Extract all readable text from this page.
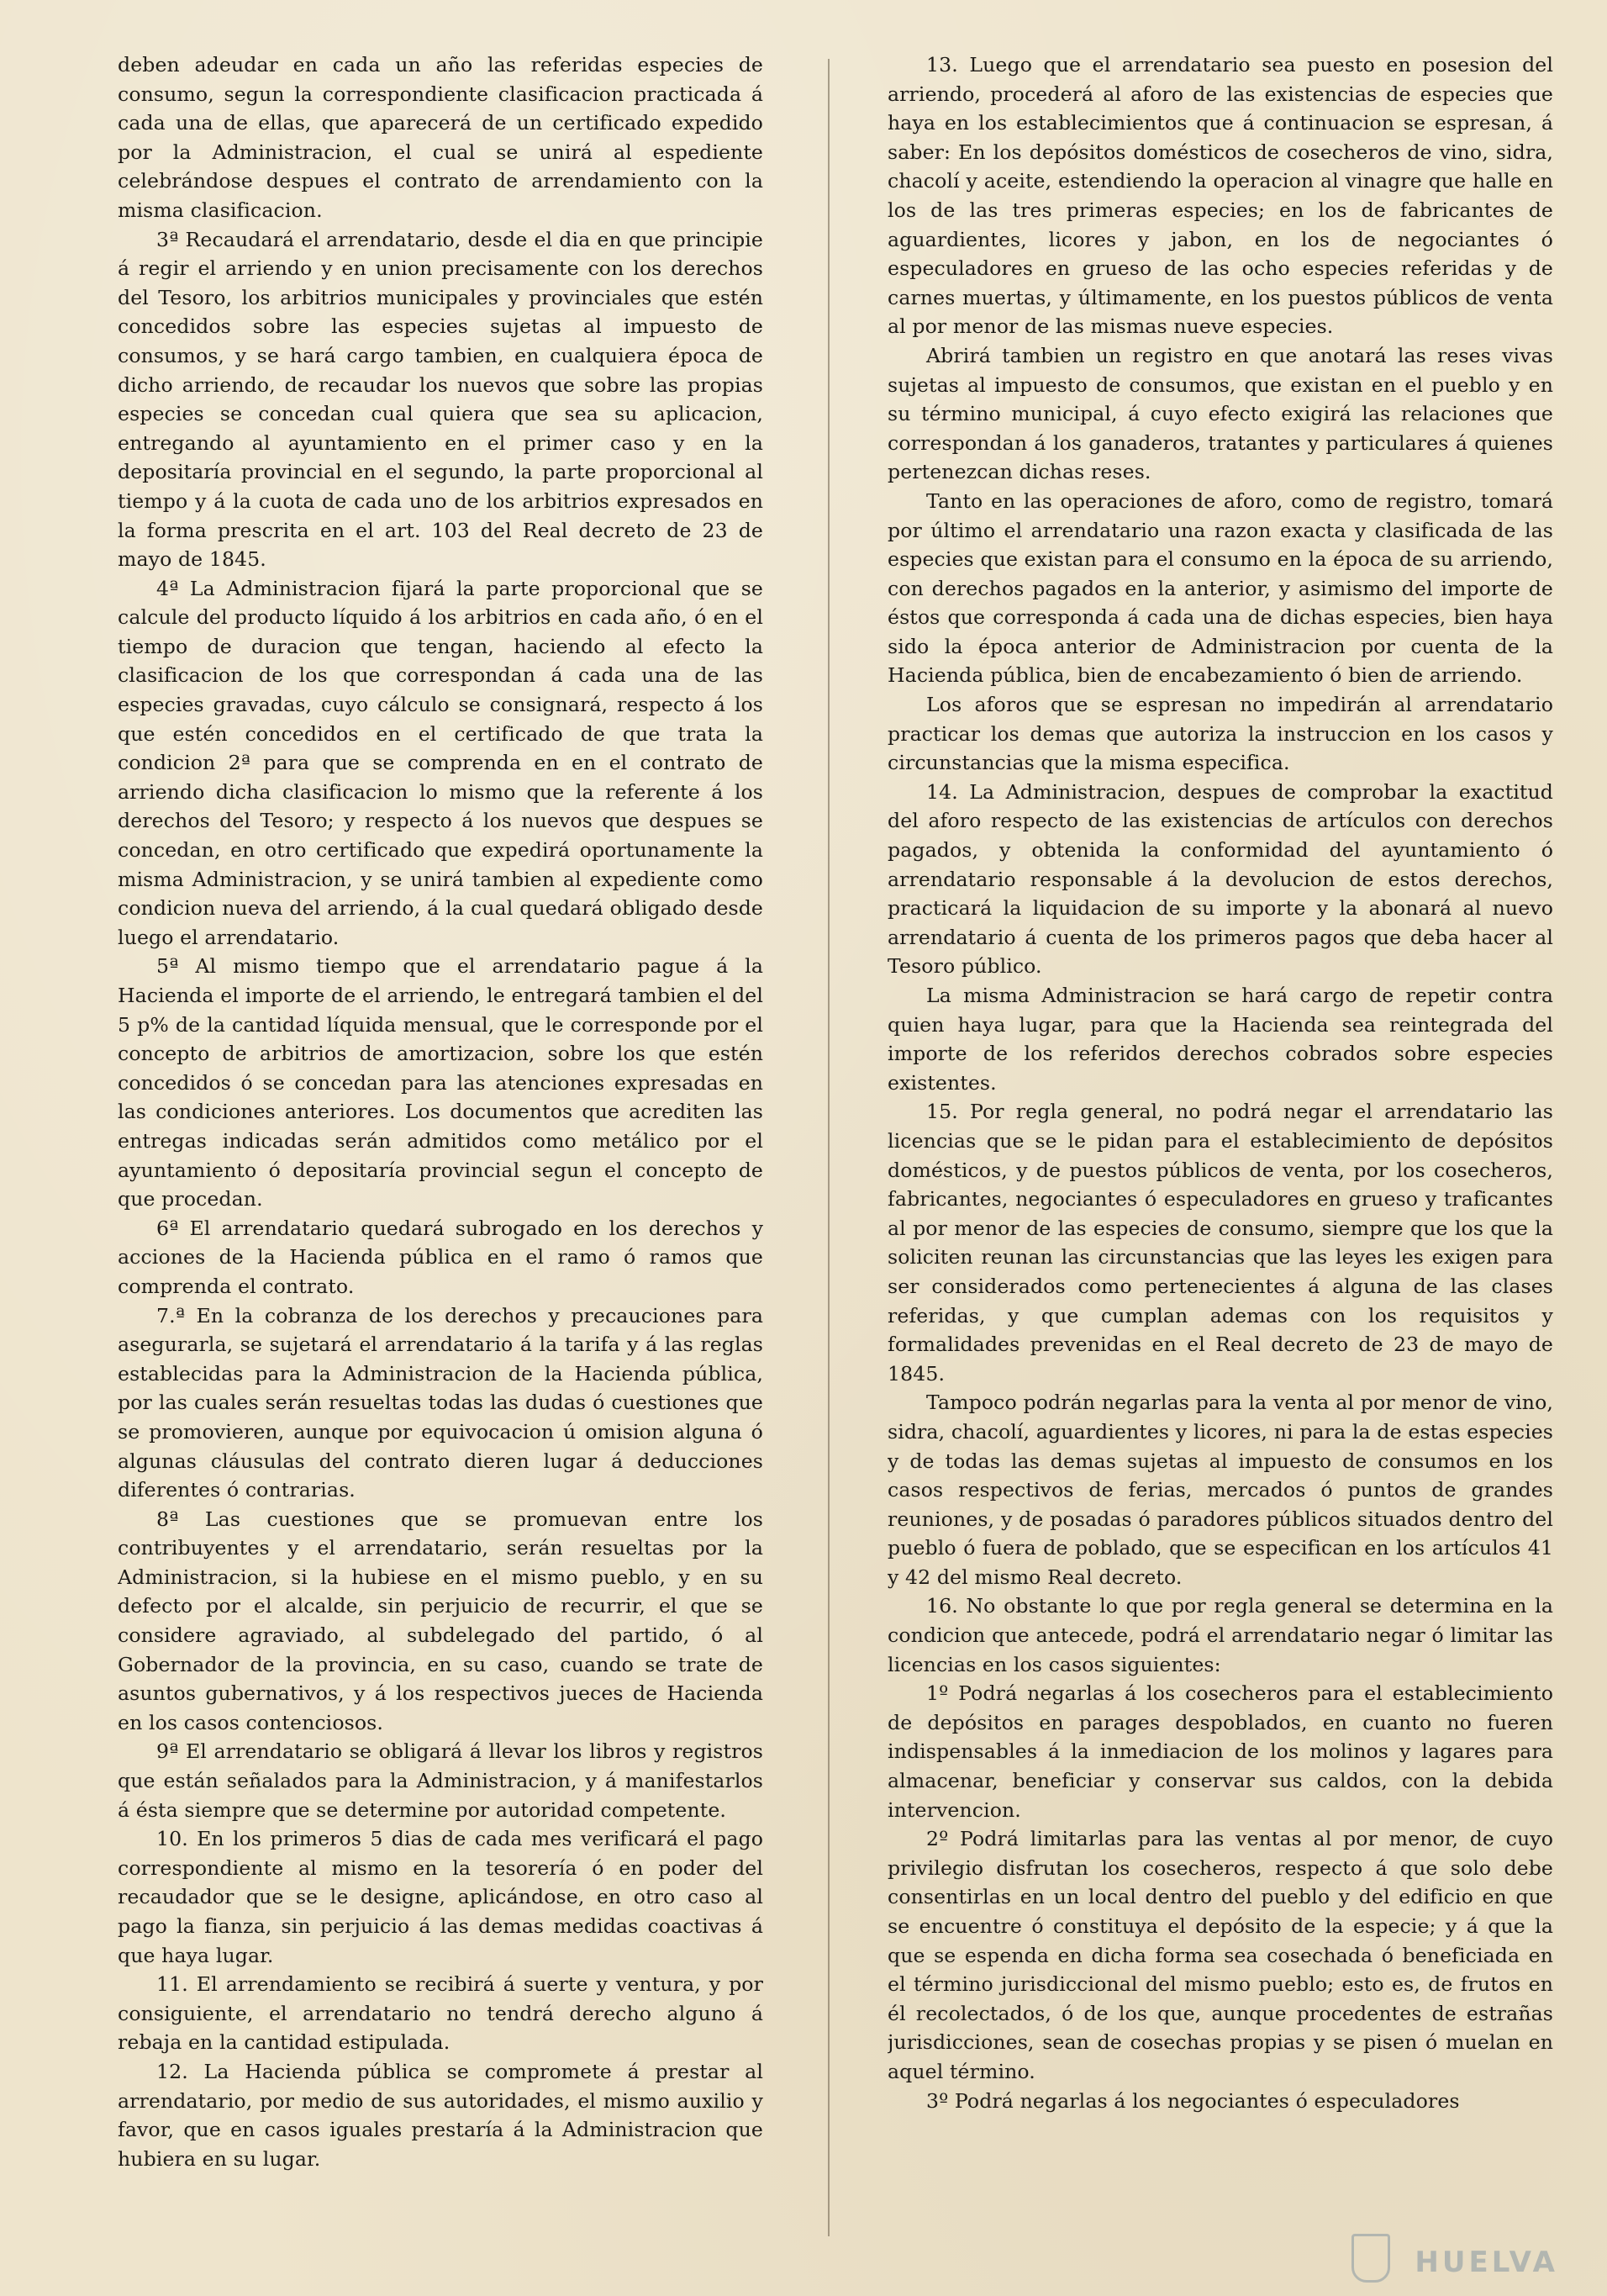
deben adeudar en cada un año las referidas especies de consumo, segun la correspondiente clasificacion practicada á cada una de ellas, que aparecerá de un certificado expedido por la Administracion, el cual se unirá al espediente celebrándose despues el contrato de arrendamiento con la misma clasificacion.

3ª Recaudará el arrendatario, desde el dia en que principie á regir el arriendo y en union precisamente con los derechos del Tesoro, los arbitrios municipales y provinciales que estén concedidos sobre las especies sujetas al impuesto de consumos, y se hará cargo tambien, en cualquiera época de dicho arriendo, de recaudar los nuevos que sobre las propias especies se concedan cual quiera que sea su aplicacion, entregando al ayuntamiento en el primer caso y en la depositaría provincial en el segundo, la parte proporcional al tiempo y á la cuota de cada uno de los arbitrios expresados en la forma prescrita en el art. 103 del Real decreto de 23 de mayo de 1845.

4ª La Administracion fijará la parte proporcional que se calcule del producto líquido á los arbitrios en cada año, ó en el tiempo de duracion que tengan, haciendo al efecto la clasificacion de los que correspondan á cada una de las especies gravadas, cuyo cálculo se consignará, respecto á los que estén concedidos en el certificado de que trata la condicion 2ª para que se comprenda en en el contrato de arriendo dicha clasificacion lo mismo que la referente á los derechos del Tesoro; y respecto á los nuevos que despues se concedan, en otro certificado que expedirá oportunamente la misma Administracion, y se unirá tambien al expediente como condicion nueva del arriendo, á la cual quedará obligado desde luego el arrendatario.

5ª Al mismo tiempo que el arrendatario pague á la Hacienda el importe de el arriendo, le entregará tambien el del 5 p% de la cantidad líquida mensual, que le corresponde por el concepto de arbitrios de amortizacion, sobre los que estén concedidos ó se concedan para las atenciones expresadas en las condiciones anteriores. Los documentos que acrediten las entregas indicadas serán admitidos como metálico por el ayuntamiento ó depositaría provincial segun el concepto de que procedan.

6ª El arrendatario quedará subrogado en los derechos y acciones de la Hacienda pública en el ramo ó ramos que comprenda el contrato.

7.ª En la cobranza de los derechos y precauciones para asegurarla, se sujetará el arrendatario á la tarifa y á las reglas establecidas para la Administracion de la Hacienda pública, por las cuales serán resueltas todas las dudas ó cuestiones que se promovieren, aunque por equivocacion ú omision alguna ó algunas cláusulas del contrato dieren lugar á deducciones diferentes ó contrarias.

8ª Las cuestiones que se promuevan entre los contribuyentes y el arrendatario, serán resueltas por la Administracion, si la hubiese en el mismo pueblo, y en su defecto por el alcalde, sin perjuicio de recurrir, el que se considere agraviado, al subdelegado del partido, ó al Gobernador de la provincia, en su caso, cuando se trate de asuntos gubernativos, y á los respectivos jueces de Hacienda en los casos contenciosos.

9ª El arrendatario se obligará á llevar los libros y registros que están señalados para la Administracion, y á manifestarlos á ésta siempre que se determine por autoridad competente.

10. En los primeros 5 dias de cada mes verificará el pago correspondiente al mismo en la tesorería ó en poder del recaudador que se le designe, aplicándose, en otro caso al pago la fianza, sin perjuicio á las demas medidas coactivas á que haya lugar.

11. El arrendamiento se recibirá á suerte y ventura, y por consiguiente, el arrendatario no tendrá derecho alguno á rebaja en la cantidad estipulada.

12. La Hacienda pública se compromete á prestar al arrendatario, por medio de sus autoridades, el mismo auxilio y favor, que en casos iguales prestaría á la Administracion que hubiera en su lugar.

13. Luego que el arrendatario sea puesto en posesion del arriendo, procederá al aforo de las existencias de especies que haya en los establecimientos que á continuacion se espresan, á saber: En los depósitos domésticos de cosecheros de vino, sidra, chacolí y aceite, estendiendo la operacion al vinagre que halle en los de las tres primeras especies; en los de fabricantes de aguardientes, licores y jabon, en los de negociantes ó especuladores en grueso de las ocho especies referidas y de carnes muertas, y últimamente, en los puestos públicos de venta al por menor de las mismas nueve especies.

Abrirá tambien un registro en que anotará las reses vivas sujetas al impuesto de consumos, que existan en el pueblo y en su término municipal, á cuyo efecto exigirá las relaciones que correspondan á los ganaderos, tratantes y particulares á quienes pertenezcan dichas reses.

Tanto en las operaciones de aforo, como de registro, tomará por último el arrendatario una razon exacta y clasificada de las especies que existan para el consumo en la época de su arriendo, con derechos pagados en la anterior, y asimismo del importe de éstos que corresponda á cada una de dichas especies, bien haya sido la época anterior de Administracion por cuenta de la Hacienda pública, bien de encabezamiento ó bien de arriendo.

Los aforos que se espresan no impedirán al arrendatario practicar los demas que autoriza la instruccion en los casos y circunstancias que la misma especifica.

14. La Administracion, despues de comprobar la exactitud del aforo respecto de las existencias de artículos con derechos pagados, y obtenida la conformidad del ayuntamiento ó arrendatario responsable á la devolucion de estos derechos, practicará la liquidacion de su importe y la abonará al nuevo arrendatario á cuenta de los primeros pagos que deba hacer al Tesoro público.

La misma Administracion se hará cargo de repetir contra quien haya lugar, para que la Hacienda sea reintegrada del importe de los referidos derechos cobrados sobre especies existentes.

15. Por regla general, no podrá negar el arrendatario las licencias que se le pidan para el establecimiento de depósitos domésticos, y de puestos públicos de venta, por los cosecheros, fabricantes, negociantes ó especuladores en grueso y traficantes al por menor de las especies de consumo, siempre que los que la soliciten reunan las circunstancias que las leyes les exigen para ser considerados como pertenecientes á alguna de las clases referidas, y que cumplan ademas con los requisitos y formalidades prevenidas en el Real decreto de 23 de mayo de 1845.

Tampoco podrán negarlas para la venta al por menor de vino, sidra, chacolí, aguardientes y licores, ni para la de estas especies y de todas las demas sujetas al impuesto de consumos en los casos respectivos de ferias, mercados ó puntos de grandes reuniones, y de posadas ó paradores públicos situados dentro del pueblo ó fuera de poblado, que se especifican en los artículos 41 y 42 del mismo Real decreto.

16. No obstante lo que por regla general se determina en la condicion que antecede, podrá el arrendatario negar ó limitar las licencias en los casos siguientes:

1º Podrá negarlas á los cosecheros para el establecimiento de depósitos en parages despoblados, en cuanto no fueren indispensables á la inmediacion de los molinos y lagares para almacenar, beneficiar y conservar sus caldos, con la debida intervencion.

2º Podrá limitarlas para las ventas al por menor, de cuyo privilegio disfrutan los cosecheros, respecto á que solo debe consentirlas en un local dentro del pueblo y del edificio en que se encuentre ó constituya el depósito de la especie; y á que la que se espenda en dicha forma sea cosechada ó beneficiada en el término jurisdiccional del mismo pueblo; esto es, de frutos en él recolectados, ó de los que, aunque procedentes de estrañas jurisdicciones, sean de cosechas propias y se pisen ó muelan en aquel término.

3º Podrá negarlas á los negociantes ó especuladores

HUELVA
